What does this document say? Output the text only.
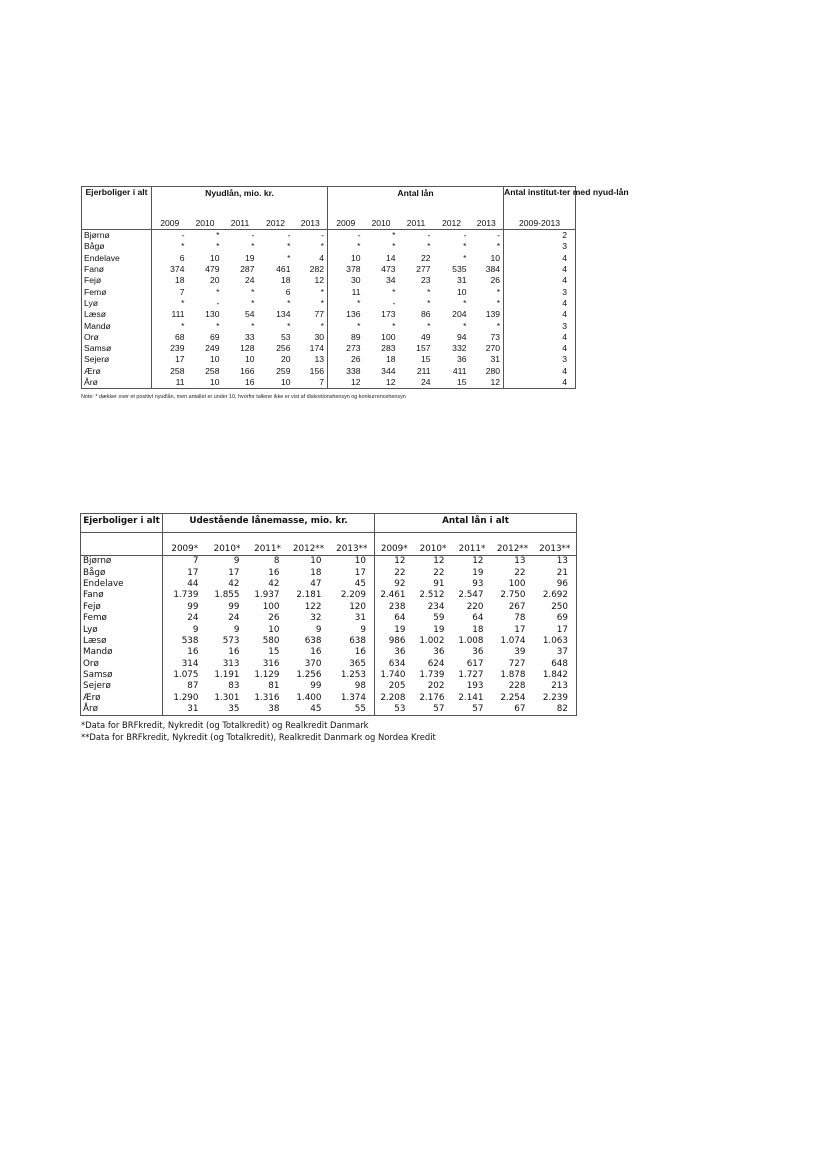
Ejerboliger i alt	Nyudlån, mio. kr.					Antal lån					Antal institut-ter med nyud-lån
	2009	2010	2011	2012	2013	2009	2010	2011	2012	2013	2009-2013
Bjørnø	-	*	-	-	-	-	*	-	-	-	2
Bågø	*	*	*	*	*	*	*	*	*	*	3
Endelave	6	10	19	*	4	10	14	22	*	10	4
Fanø	374	479	287	461	282	378	473	277	535	384	4
Fejø	18	20	24	18	12	30	34	23	31	26	4
Femø	7	*	*	6	*	11	*	*	10	*	3
Lyø	*	-	*	*	*	*	-	*	*	*	4
Læsø	111	130	54	134	77	136	173	86	204	139	4
Mandø	*	*	*	*	*	*	*	*	*	*	3
Orø	68	69	33	53	30	89	100	49	94	73	4
Samsø	239	249	128	256	174	273	283	157	332	270	4
Sejerø	17	10	10	20	13	26	18	15	36	31	3
Ærø	258	258	166	259	156	338	344	211	411	280	4
Årø	11	10	16	10	7	12	12	24	15	12	4
Note: * dækker over et positivt nyudlån, men antallet er under 10, hvorfor tallene ikke er vist af diskretionshensyn og konkurrencehensyn
Ejerboliger i alt	Udestående lånemasse, mio. kr.					Antal lån i alt				
	2009*	2010*	2011*	2012**	2013**	2009*	2010*	2011*	2012**	2013**
Bjørnø	7	9	8	10	10	12	12	12	13	13
Bågø	17	17	16	18	17	22	22	19	22	21
Endelave	44	42	42	47	45	92	91	93	100	96
Fanø	1.739	1.855	1.937	2.181	2.209	2.461	2.512	2.547	2.750	2.692
Fejø	99	99	100	122	120	238	234	220	267	250
Femø	24	24	26	32	31	64	59	64	78	69
Lyø	9	9	10	9	9	19	19	18	17	17
Læsø	538	573	580	638	638	986	1.002	1.008	1.074	1.063
Mandø	16	16	15	16	16	36	36	36	39	37
Orø	314	313	316	370	365	634	624	617	727	648
Samsø	1.075	1.191	1.129	1.256	1.253	1.740	1.739	1.727	1.878	1.842
Sejerø	87	83	81	99	98	205	202	193	228	213
Ærø	1.290	1.301	1.316	1.400	1.374	2.208	2.176	2.141	2.254	2.239
Årø	31	35	38	45	55	53	57	57	67	82
*Data for BRFkredit, Nykredit (og Totalkredit) og Realkredit Danmark
**Data for BRFkredit, Nykredit (og Totalkredit), Realkredit Danmark og Nordea Kredit
